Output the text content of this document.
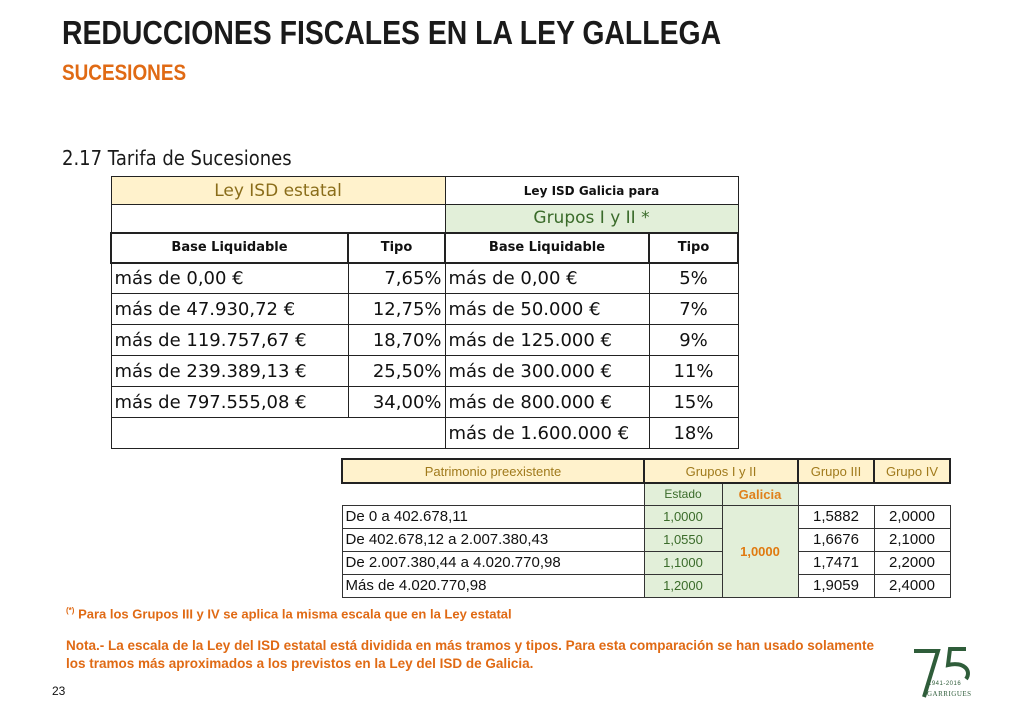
REDUCCIONES FISCALES EN LA LEY GALLEGA
SUCESIONES
2.17 Tarifa de Sucesiones
Ley ISD estatal		Ley ISD Galicia para	
		Grupos I y II *	
Base Liquidable	Tipo	Base Liquidable	Tipo
más de 0,00 €	7,65%	más de 0,00 €	5%
más de 47.930,72 €	12,75%	más de 50.000 €	7%
más de 119.757,67 €	18,70%	más de 125.000 €	9%
más de 239.389,13 €	25,50%	más de 300.000 €	11%
más de 797.555,08 €	34,00%	más de 800.000 €	15%
		más de 1.600.000 €	18%
Patrimonio preexistente	Grupos I y II		Grupo III	Grupo IV
	Estado	Galicia		
De 0 a 402.678,11	1,0000	1,0000	1,5882	2,0000
De 402.678,12 a 2.007.380,43	1,0550		1,6676	2,1000
De 2.007.380,44 a 4.020.770,98	1,1000		1,7471	2,2000
Más de 4.020.770,98	1,2000		1,9059	2,4000
(*) Para los Grupos III y IV se aplica la misma escala que en la Ley estatal
Nota.- La escala de la Ley del ISD estatal está dividida en más tramos y tipos. Para esta comparación se han usado solamente los tramos más aproximados a los previstos en la Ley del ISD de Galicia.
23	1941-2016
GARRIGUES
